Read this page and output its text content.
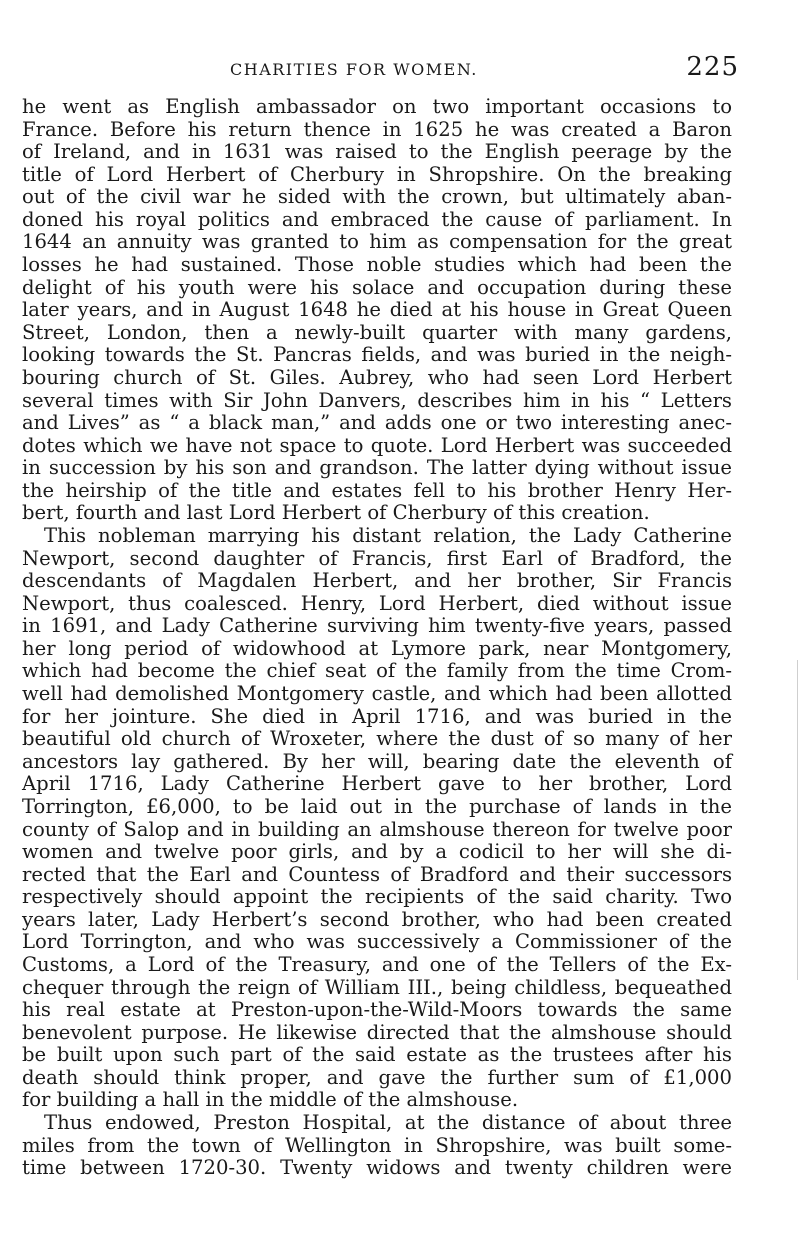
CHARITIES FOR WOMEN.	225
he went as English ambassador on two important occasions to
France. Before his return thence in 1625 he was created a Baron
of Ireland, and in 1631 was raised to the English peerage by the
title of Lord Herbert of Cherbury in Shropshire. On the breaking
out of the civil war he sided with the crown, but ultimately aban-
doned his royal politics and embraced the cause of parliament. In
1644 an annuity was granted to him as compensation for the great
losses he had sustained. Those noble studies which had been the
delight of his youth were his solace and occupation during these
later years, and in August 1648 he died at his house in Great Queen
Street, London, then a newly-built quarter with many gardens,
looking towards the St. Pancras fields, and was buried in the neigh-
bouring church of St. Giles. Aubrey, who had seen Lord Herbert
several times with Sir John Danvers, describes him in his “ Letters
and Lives” as “ a black man,” and adds one or two interesting anec-
dotes which we have not space to quote. Lord Herbert was succeeded
in succession by his son and grandson. The latter dying without issue
the heirship of the title and estates fell to his brother Henry Her-
bert, fourth and last Lord Herbert of Cherbury of this creation.
This nobleman marrying his distant relation, the Lady Catherine
Newport, second daughter of Francis, first Earl of Bradford, the
descendants of Magdalen Herbert, and her brother, Sir Francis
Newport, thus coalesced. Henry, Lord Herbert, died without issue
in 1691, and Lady Catherine surviving him twenty-five years, passed
her long period of widowhood at Lymore park, near Montgomery,
which had become the chief seat of the family from the time Crom-
well had demolished Montgomery castle, and which had been allotted
for her jointure. She died in April 1716, and was buried in the
beautiful old church of Wroxeter, where the dust of so many of her
ancestors lay gathered. By her will, bearing date the eleventh of
April 1716, Lady Catherine Herbert gave to her brother, Lord
Torrington, £6,000, to be laid out in the purchase of lands in the
county of Salop and in building an almshouse thereon for twelve poor
women and twelve poor girls, and by a codicil to her will she di-
rected that the Earl and Countess of Bradford and their successors
respectively should appoint the recipients of the said charity. Two
years later, Lady Herbert’s second brother, who had been created
Lord Torrington, and who was successively a Commissioner of the
Customs, a Lord of the Treasury, and one of the Tellers of the Ex-
chequer through the reign of William III., being childless, bequeathed
his real estate at Preston-upon-the-Wild-Moors towards the same
benevolent purpose. He likewise directed that the almshouse should
be built upon such part of the said estate as the trustees after his
death should think proper, and gave the further sum of £1,000
for building a hall in the middle of the almshouse.
Thus endowed, Preston Hospital, at the distance of about three
miles from the town of Wellington in Shropshire, was built some-
time between 1720-30. Twenty widows and twenty children were
